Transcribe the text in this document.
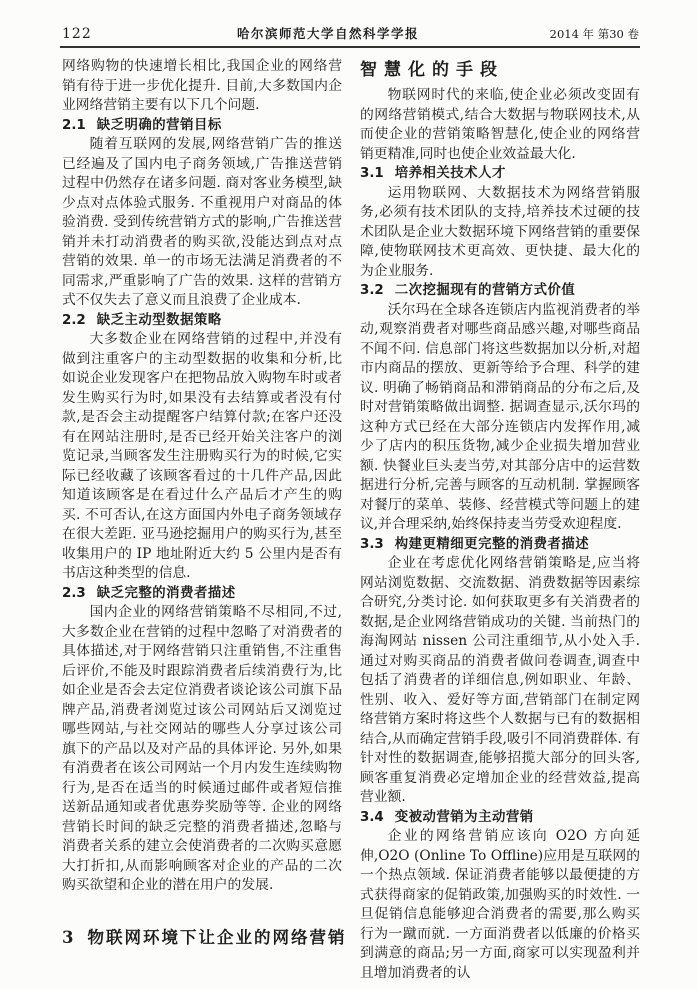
122	哈尔滨师范大学自然科学学报	2014 年 第30 卷

网络购物的快速增长相比,我国企业的网络营销有待于进一步优化提升. 目前,大多数国内企业网络营销主要有以下几个问题.

2.1 缺乏明确的营销目标

随着互联网的发展,网络营销广告的推送已经遍及了国内电子商务领域,广告推送营销过程中仍然存在诸多问题. 商对客业务模型,缺少点对点体验式服务. 不重视用户对商品的体验消费. 受到传统营销方式的影响,广告推送营销并未打动消费者的购买欲,没能达到点对点营销的效果. 单一的市场无法满足消费者的不同需求,严重影响了广告的效果. 这样的营销方式不仅失去了意义而且浪费了企业成本.

2.2 缺乏主动型数据策略

大多数企业在网络营销的过程中,并没有做到注重客户的主动型数据的收集和分析,比如说企业发现客户在把物品放入购物车时或者发生购买行为时,如果没有去结算或者没有付款,是否会主动提醒客户结算付款;在客户还没有在网站注册时,是否已经开始关注客户的浏览记录,当顾客发生注册购买行为的时候,它实际已经收藏了该顾客看过的十几件产品,因此知道该顾客是在看过什么产品后才产生的购买. 不可否认,在这方面国内外电子商务领域存在很大差距. 亚马逊挖掘用户的购买行为,甚至收集用户的 IP 地址附近大约 5 公里内是否有书店这种类型的信息.

2.3 缺乏完整的消费者描述

国内企业的网络营销策略不尽相同,不过,大多数企业在营销的过程中忽略了对消费者的具体描述,对于网络营销只注重销售,不注重售后评价,不能及时跟踪消费者后续消费行为,比如企业是否会去定位消费者谈论该公司旗下品牌产品,消费者浏览过该公司网站后又浏览过哪些网站,与社交网站的哪些人分享过该公司旗下的产品以及对产品的具体评论. 另外,如果有消费者在该公司网站一个月内发生连续购物行为,是否在适当的时候通过邮件或者短信推送新品通知或者优惠券奖励等等. 企业的网络营销长时间的缺乏完整的消费者描述,忽略与消费者关系的建立会使消费者的二次购买意愿大打折扣,从而影响顾客对企业的产品的二次购买欲望和企业的潜在用户的发展.

3 物联网环境下让企业的网络营销
智慧化的手段

物联网时代的来临,使企业必须改变固有的网络营销模式,结合大数据与物联网技术,从而使企业的营销策略智慧化,使企业的网络营销更精准,同时也使企业效益最大化.

3.1 培养相关技术人才

运用物联网、大数据技术为网络营销服务,必须有技术团队的支持,培养技术过硬的技术团队是企业大数据环境下网络营销的重要保障,使物联网技术更高效、更快捷、最大化的为企业服务.

3.2 二次挖掘现有的营销方式价值

沃尔玛在全球各连锁店内监视消费者的举动,观察消费者对哪些商品感兴趣,对哪些商品不闻不问. 信息部门将这些数据加以分析,对超市内商品的摆放、更新等给予合理、科学的建议. 明确了畅销商品和滞销商品的分布之后,及时对营销策略做出调整. 据调查显示,沃尔玛的这种方式已经在大部分连锁店内发挥作用,减少了店内的积压货物,减少企业损失增加营业额. 快餐业巨头麦当劳,对其部分店中的运营数据进行分析,完善与顾客的互动机制. 掌握顾客对餐厅的菜单、装修、经营模式等问题上的建议,并合理采纳,始终保持麦当劳受欢迎程度.

3.3 构建更精细更完整的消费者描述

企业在考虑优化网络营销策略是,应当将网站浏览数据、交流数据、消费数据等因素综合研究,分类讨论. 如何获取更多有关消费者的数据,是企业网络营销成功的关键. 当前热门的海淘网站 nissen 公司注重细节,从小处入手. 通过对购买商品的消费者做问卷调查,调查中包括了消费者的详细信息,例如职业、年龄、性别、收入、爱好等方面,营销部门在制定网络营销方案时将这些个人数据与已有的数据相结合,从而确定营销手段,吸引不同消费群体. 有针对性的数据调查,能够招揽大部分的回头客,顾客重复消费必定增加企业的经营效益,提高营业额.

3.4 变被动营销为主动营销

企业的网络营销应该向 O2O 方向延伸,O2O (Online To Offline)应用是互联网的一个热点领域. 保证消费者能够以最便捷的方式获得商家的促销政策,加强购买的时效性. 一旦促销信息能够迎合消费者的需要,那么购买行为一蹴而就. 一方面消费者以低廉的价格买到满意的商品;另一方面,商家可以实现盈利并且增加消费者的认
